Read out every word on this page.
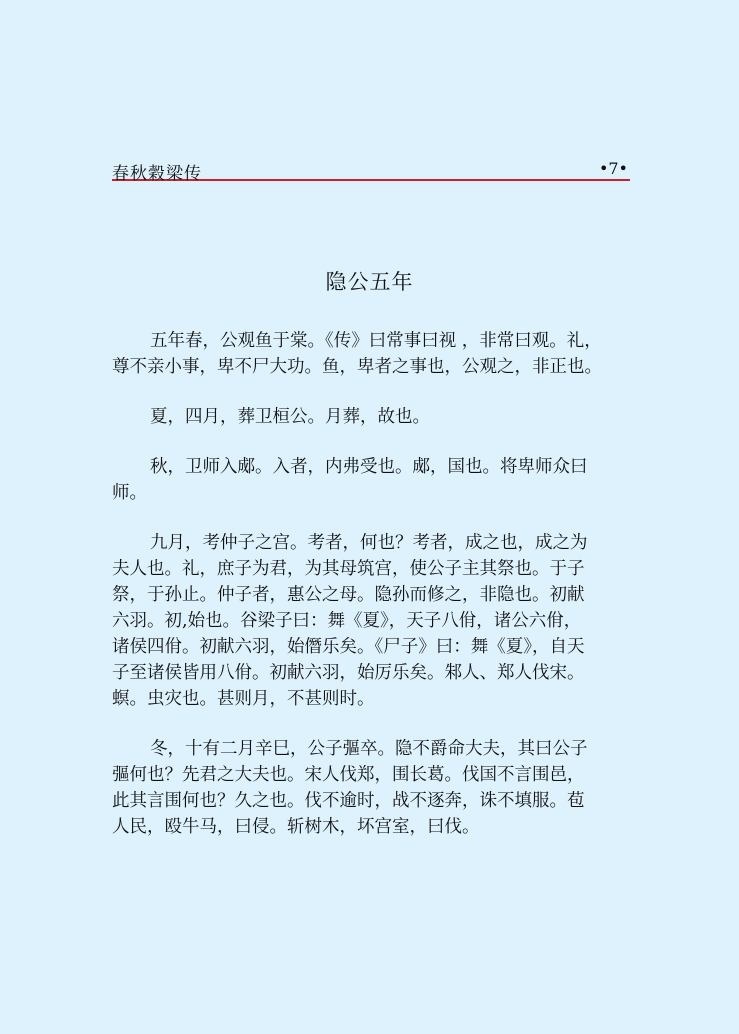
春秋穀梁传	•7•
隐公五年

五年春，公观鱼于棠。《传》曰常事曰视 ，非常曰观。礼，
尊不亲小事，卑不尸大功。鱼，卑者之事也，公观之，非正也。

夏，四月，葬卫桓公。月葬，故也。

秋，卫师入郕。入者，内弗受也。郕，国也。将卑师众曰
师。

九月，考仲子之宫。考者，何也？考者，成之也，成之为
夫人也。礼，庶子为君，为其母筑宫，使公子主其祭也。于子
祭，于孙止。仲子者，惠公之母。隐孙而修之，非隐也。初献
六羽。初,始也。谷梁子曰：舞《夏》，天子八佾，诸公六佾，
诸侯四佾。初献六羽，始僭乐矣。《尸子》曰：舞《夏》，自天
子至诸侯皆用八佾。初献六羽，始厉乐矣。邾人、郑人伐宋。
螟。虫灾也。甚则月，不甚则时。

冬，十有二月辛巳，公子彄卒。隐不爵命大夫，其曰公子
彄何也？先君之大夫也。宋人伐郑，围长葛。伐国不言围邑，
此其言围何也？久之也。伐不逾时，战不逐奔，诛不填服。苞
人民，殴牛马，曰侵。斩树木，坏宫室，曰伐。
